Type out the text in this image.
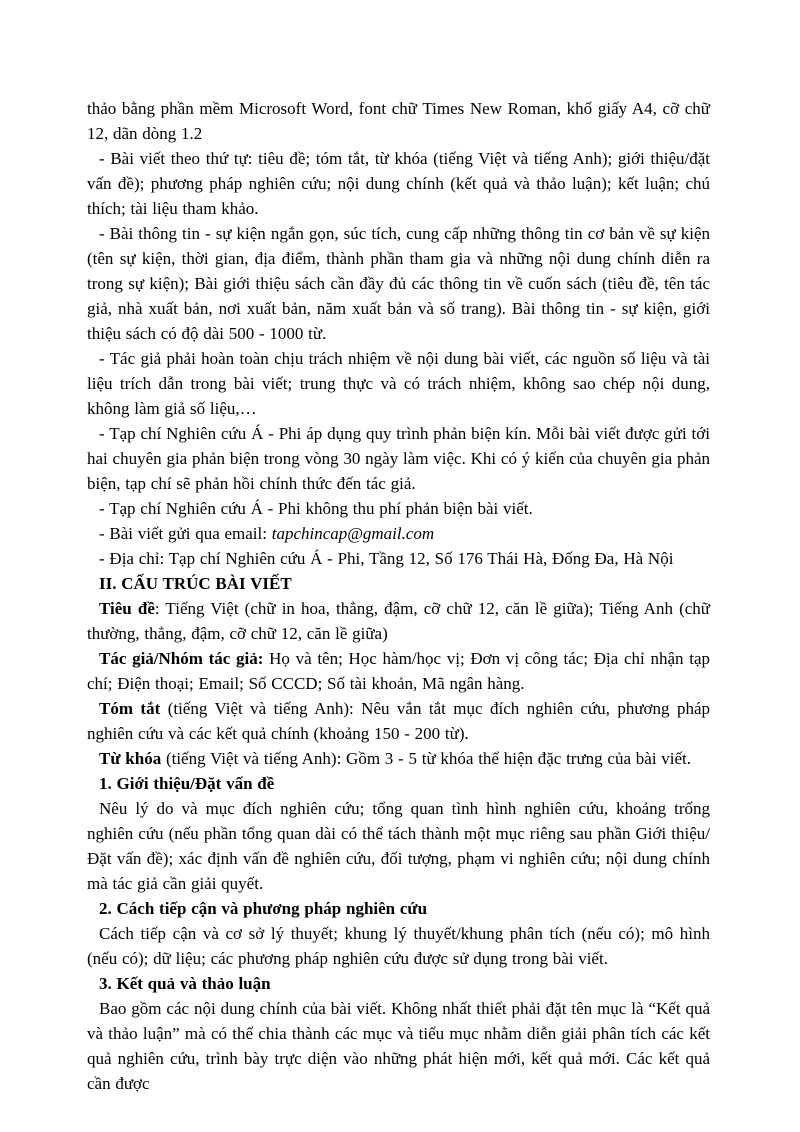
thảo bằng phần mềm Microsoft Word, font chữ Times New Roman, khổ giấy A4, cỡ chữ 12, dãn dòng 1.2

- Bài viết theo thứ tự: tiêu đề; tóm tắt, từ khóa (tiếng Việt và tiếng Anh); giới thiệu/đặt vấn đề); phương pháp nghiên cứu; nội dung chính (kết quả và thảo luận); kết luận; chú thích; tài liệu tham khảo.

- Bài thông tin - sự kiện ngắn gọn, súc tích, cung cấp những thông tin cơ bản về sự kiện (tên sự kiện, thời gian, địa điểm, thành phần tham gia và những nội dung chính diễn ra trong sự kiện); Bài giới thiệu sách cần đầy đủ các thông tin về cuốn sách (tiêu đề, tên tác giả, nhà xuất bản, nơi xuất bản, năm xuất bản và số trang). Bài thông tin - sự kiện, giới thiệu sách có độ dài 500 - 1000 từ.

- Tác giả phải hoàn toàn chịu trách nhiệm về nội dung bài viết, các nguồn số liệu và tài liệu trích dẫn trong bài viết; trung thực và có trách nhiệm, không sao chép nội dung, không làm giả số liệu,…

- Tạp chí Nghiên cứu Á - Phi áp dụng quy trình phản biện kín. Mỗi bài viết được gửi tới hai chuyên gia phản biện trong vòng 30 ngày làm việc. Khi có ý kiến của chuyên gia phản biện, tạp chí sẽ phản hồi chính thức đến tác giả.

- Tạp chí Nghiên cứu Á - Phi không thu phí phản biện bài viết.

- Bài viết gửi qua email: tapchincap@gmail.com

- Địa chỉ: Tạp chí Nghiên cứu Á - Phi, Tầng 12, Số 176 Thái Hà, Đống Đa, Hà Nội

II. CẤU TRÚC BÀI VIẾT

Tiêu đề: Tiếng Việt (chữ in hoa, thẳng, đậm, cỡ chữ 12, căn lề giữa); Tiếng Anh (chữ thường, thẳng, đậm, cỡ chữ 12, căn lề giữa)

Tác giả/Nhóm tác giả: Họ và tên; Học hàm/học vị; Đơn vị công tác; Địa chỉ nhận tạp chí; Điện thoại; Email; Số CCCD; Số tài khoản, Mã ngân hàng.

Tóm tắt (tiếng Việt và tiếng Anh): Nêu vắn tắt mục đích nghiên cứu, phương pháp nghiên cứu và các kết quả chính (khoảng 150 - 200 từ).

Từ khóa (tiếng Việt và tiếng Anh): Gồm 3 - 5 từ khóa thể hiện đặc trưng của bài viết.

1. Giới thiệu/Đặt vấn đề

Nêu lý do và mục đích nghiên cứu; tổng quan tình hình nghiên cứu, khoảng trống nghiên cứu (nếu phần tổng quan dài có thể tách thành một mục riêng sau phần Giới thiệu/Đặt vấn đề); xác định vấn đề nghiên cứu, đối tượng, phạm vi nghiên cứu; nội dung chính mà tác giả cần giải quyết.

2. Cách tiếp cận và phương pháp nghiên cứu

Cách tiếp cận và cơ sở lý thuyết; khung lý thuyết/khung phân tích (nếu có); mô hình (nếu có); dữ liệu; các phương pháp nghiên cứu được sử dụng trong bài viết.

3. Kết quả và thảo luận

Bao gồm các nội dung chính của bài viết. Không nhất thiết phải đặt tên mục là “Kết quả và thảo luận” mà có thể chia thành các mục và tiểu mục nhằm diễn giải phân tích các kết quả nghiên cứu, trình bày trực diện vào những phát hiện mới, kết quả mới. Các kết quả cần được
